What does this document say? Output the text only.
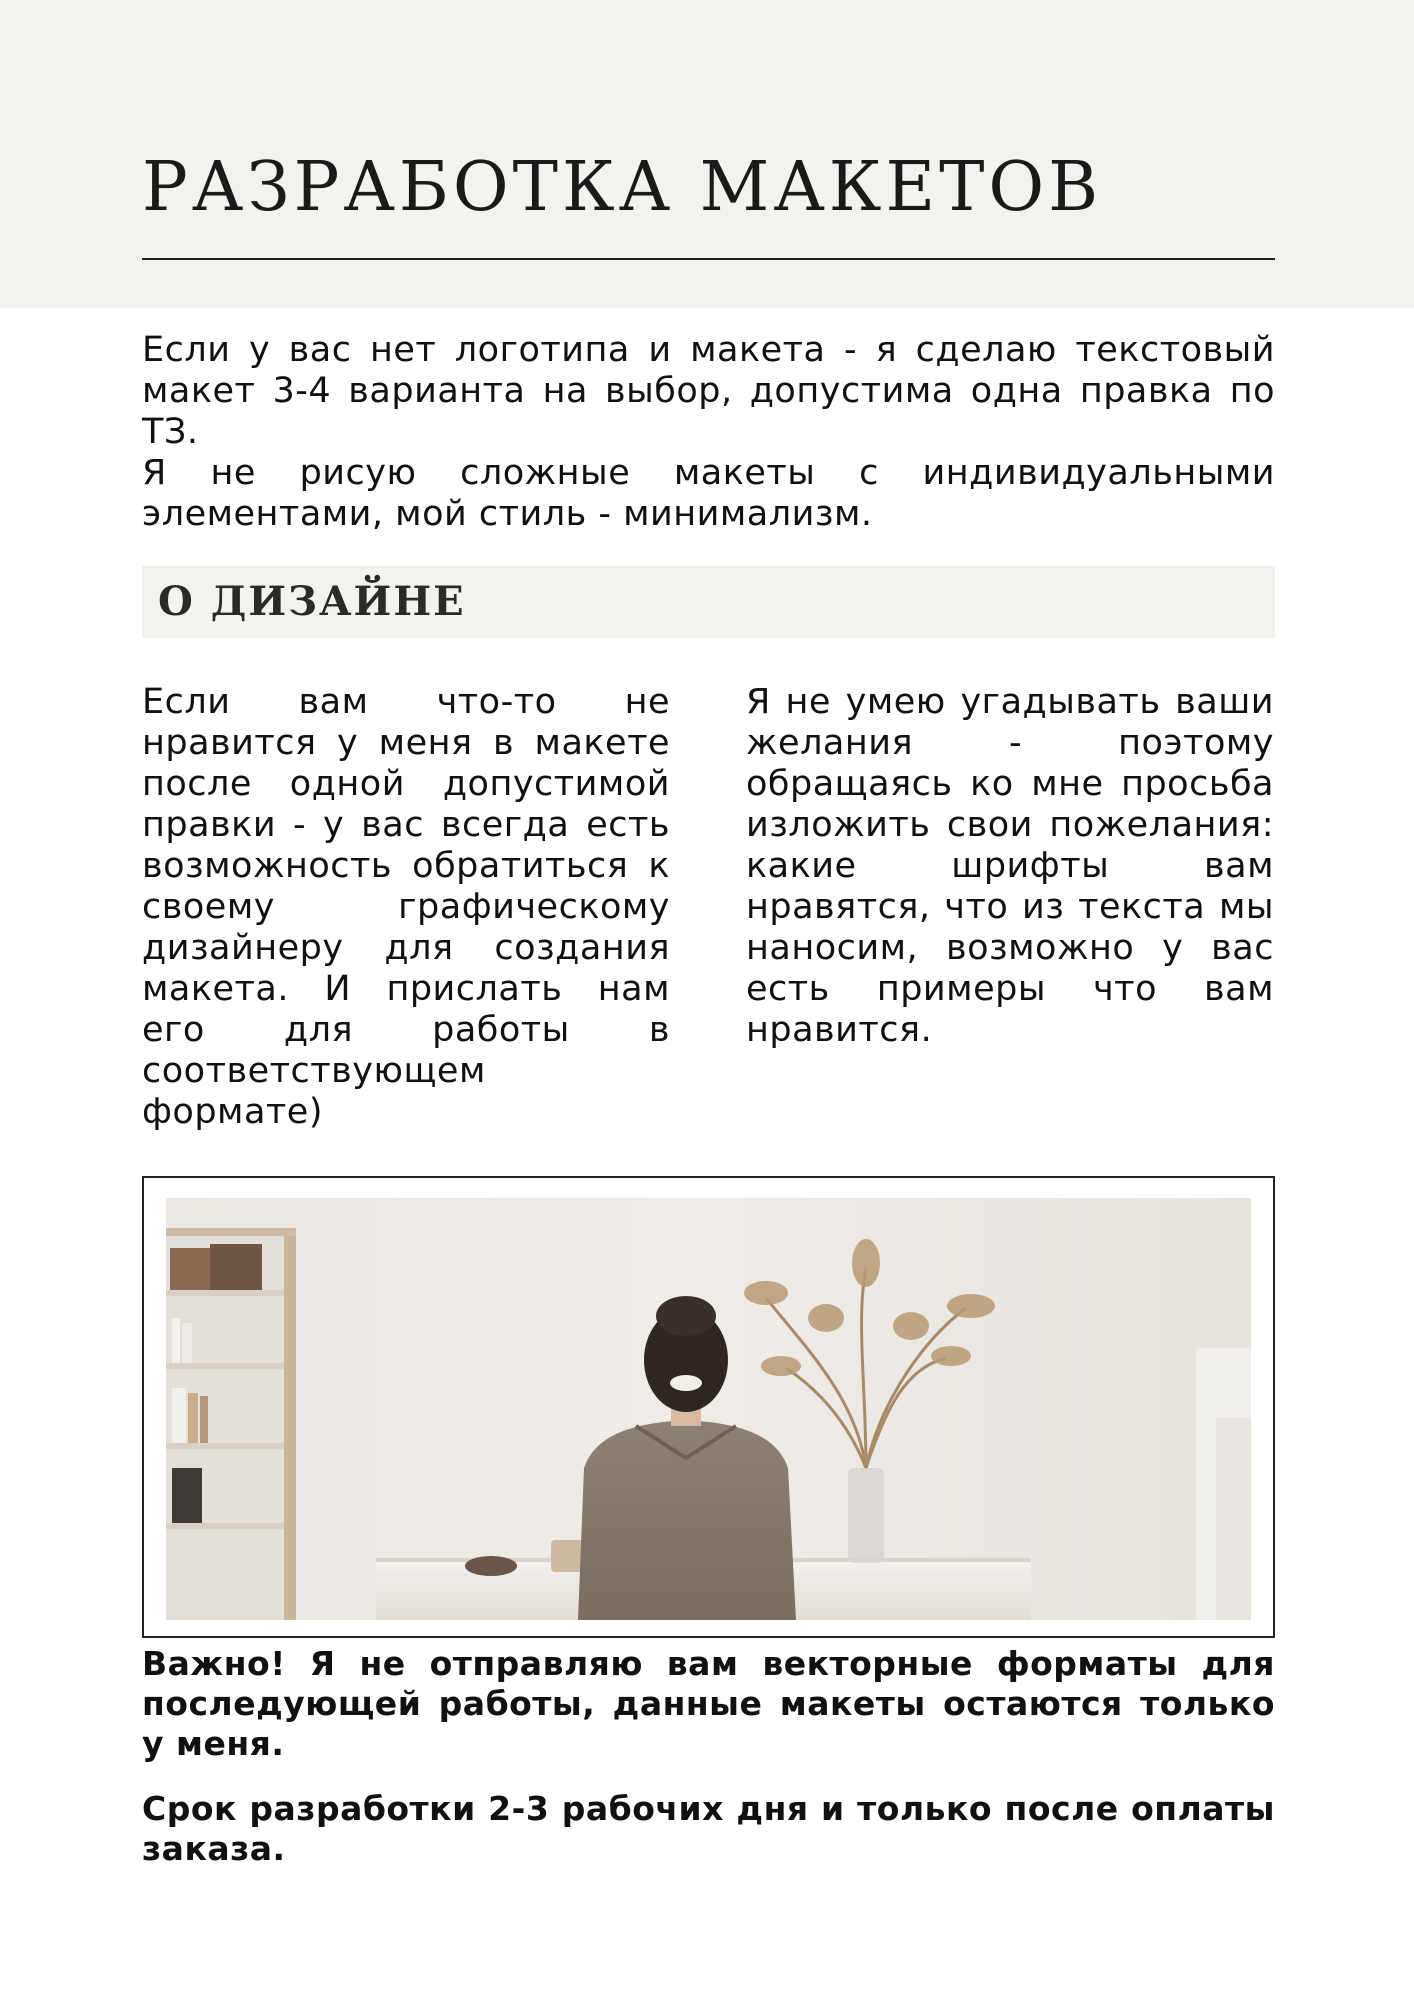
РАЗРАБОТКА МАКЕТОВ

Если у вас нет логотипа и макета - я сделаю текстовый макет 3-4 варианта на выбор, допустима одна правка по ТЗ.

Я не рисую сложные макеты с индивидуальными элементами, мой стиль - минимализм.

О ДИЗАЙНЕ

Если вам что-то не нравится у меня в макете после одной допустимой правки - у вас всегда есть возможность обратиться к своему графическому дизайнеру для создания макета. И прислать нам его для работы в соответствующем формате)

Я не умею угадывать ваши желания - поэтому обращаясь ко мне просьба изложить свои пожелания: какие шрифты вам нравятся, что из текста мы наносим, возможно у вас есть примеры что вам нравится.

Важно! Я не отправляю вам векторные форматы для последующей работы, данные макеты остаются только у меня.

Срок разработки 2-3 рабочих дня и только после оплаты заказа.
